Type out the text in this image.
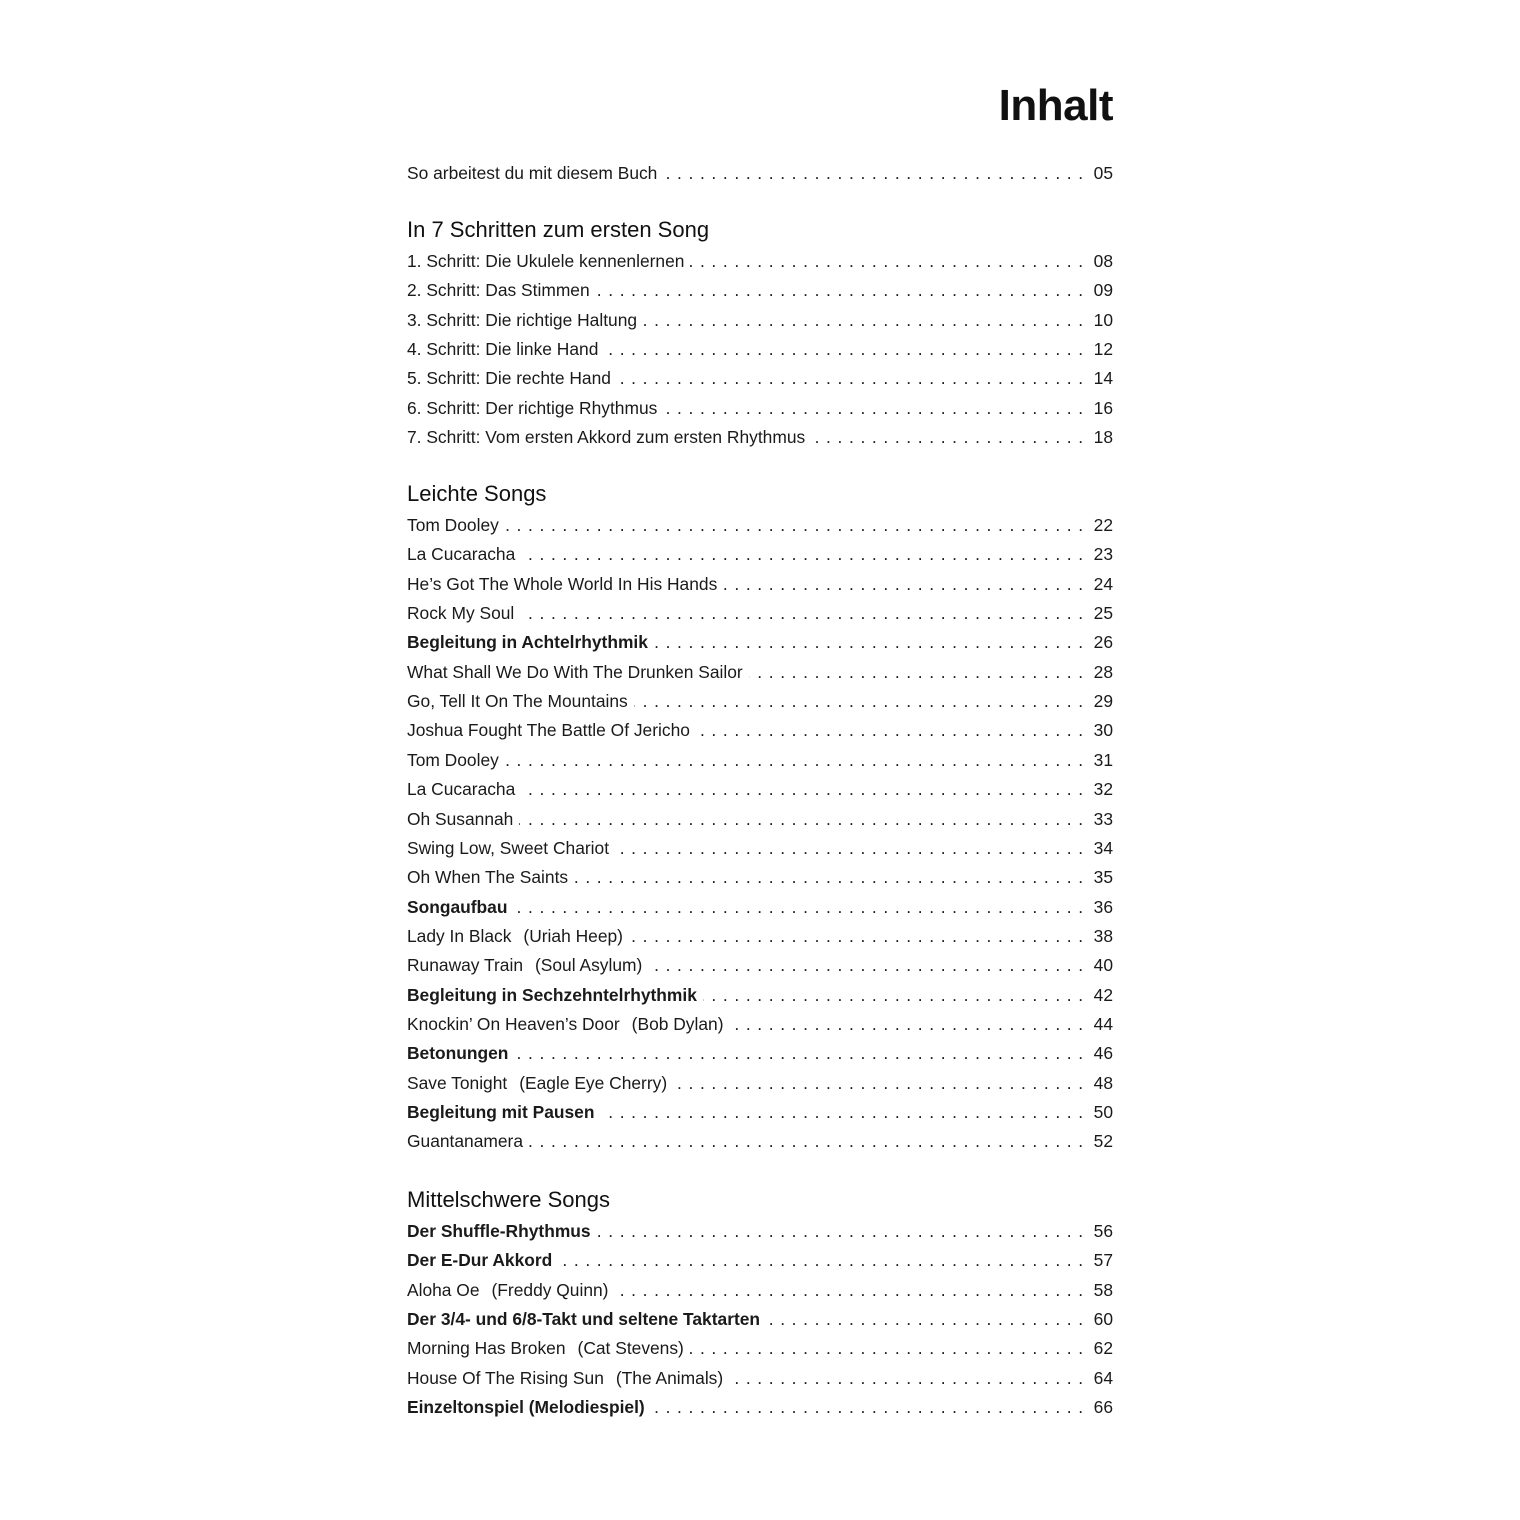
Inhalt
So arbeitest du mit diesem Buch . . .	05
In 7 Schritten zum ersten Song
1. Schritt: Die Ukulele kennenlernen . . .	08
2. Schritt: Das Stimmen . . .	09
3. Schritt: Die richtige Haltung . . .	10
4. Schritt: Die linke Hand . . .	12
5. Schritt: Die rechte Hand . . .	14
6. Schritt: Der richtige Rhythmus . . .	16
7. Schritt: Vom ersten Akkord zum ersten Rhythmus . . .	18
Leichte Songs
Tom Dooley . . .	22
La Cucaracha . . .	23
He’s Got The Whole World In His Hands . . .	24
Rock My Soul . . .	25
Begleitung in Achtelrhythmik . . .	26
What Shall We Do With The Drunken Sailor . . .	28
Go, Tell It On The Mountains . . .	29
Joshua Fought The Battle Of Jericho . . .	30
Tom Dooley . . .	31
La Cucaracha . . .	32
Oh Susannah . . .	33
Swing Low, Sweet Chariot . . .	34
Oh When The Saints . . .	35
Songaufbau . . .	36
Lady In Black (Uriah Heep) . . .	38
Runaway Train (Soul Asylum) . . .	40
Begleitung in Sechzehntelrhythmik . . .	42
Knockin’ On Heaven’s Door (Bob Dylan) . . .	44
Betonungen . . .	46
Save Tonight (Eagle Eye Cherry) . . .	48
Begleitung mit Pausen . . .	50
Guantanamera . . .	52
Mittelschwere Songs
Der Shuffle-Rhythmus . . .	56
Der E-Dur Akkord . . .	57
Aloha Oe (Freddy Quinn) . . .	58
Der 3/4- und 6/8-Takt und seltene Taktarten . . .	60
Morning Has Broken (Cat Stevens) . . .	62
House Of The Rising Sun (The Animals) . . .	64
Einzeltonspiel (Melodiespiel) . . .	66
